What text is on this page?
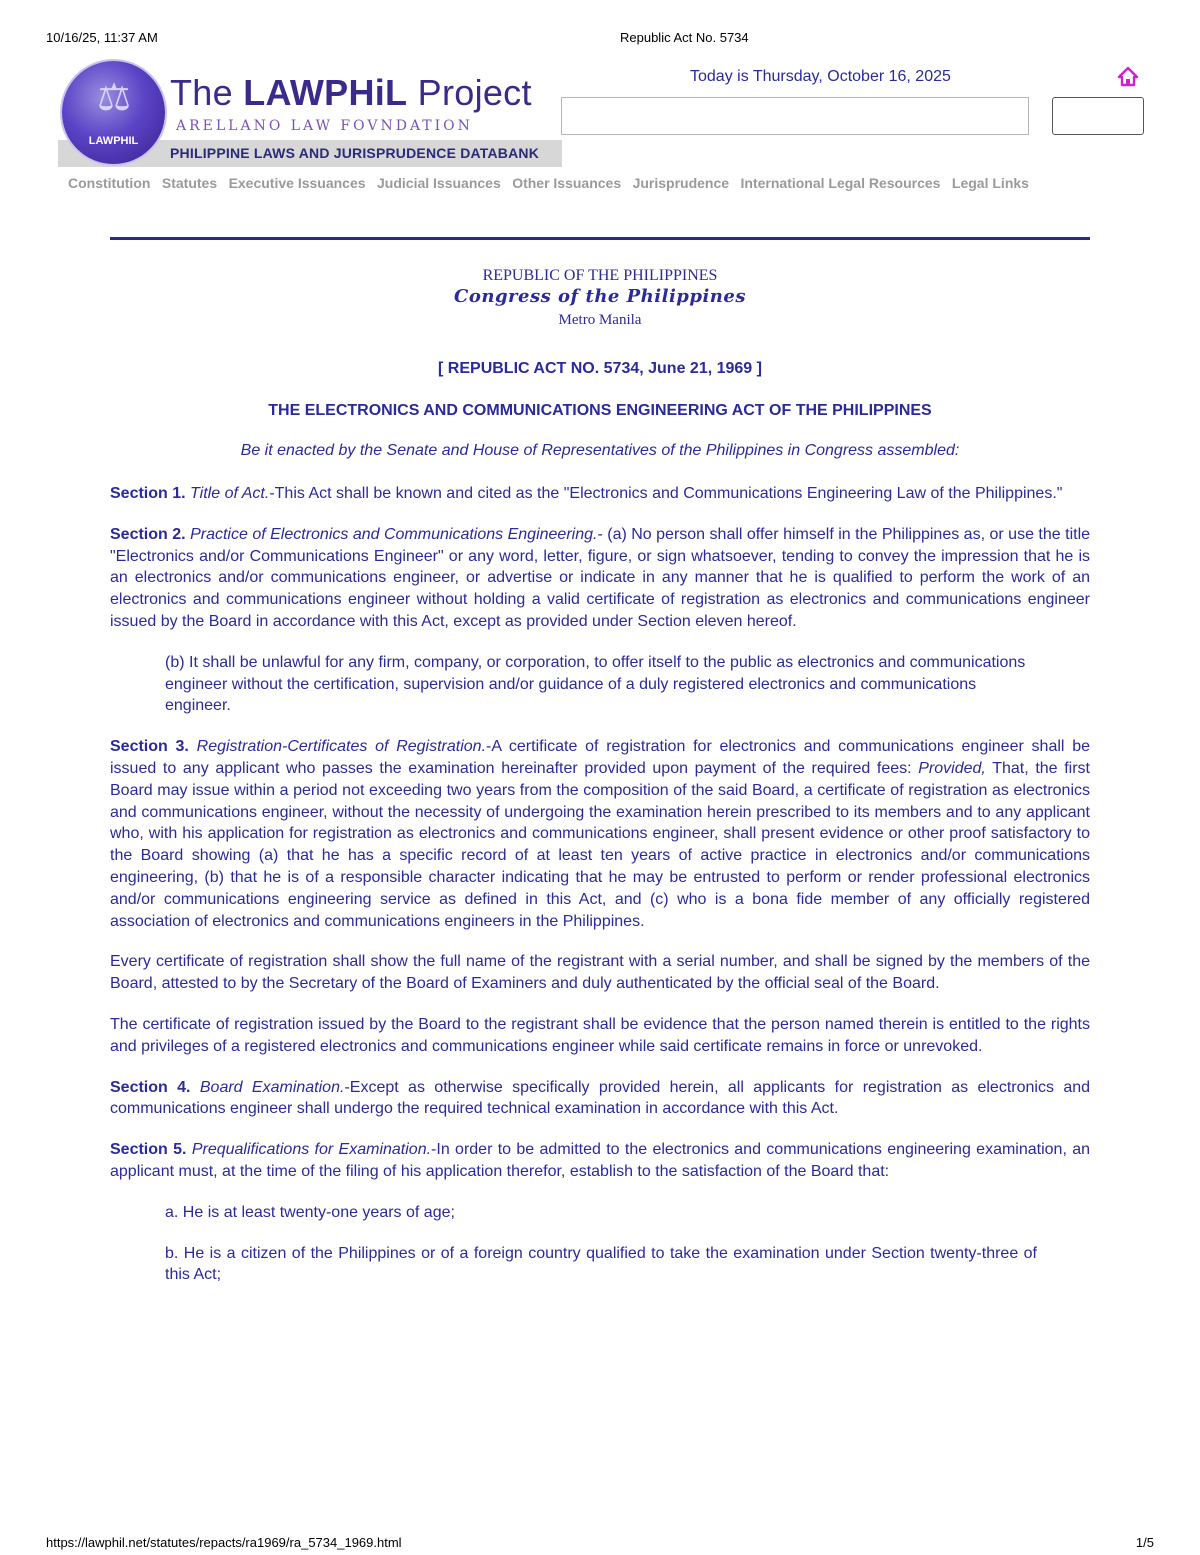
10/16/25, 11:37 AM	Republic Act No. 5734
PHILIPPINE LAWS AND JURISPRUDENCE DATABANK
⚖
LAWPHIL
The LAWPHiL Project
ARELLANO LAW FOVNDATION
Today is Thursday, October 16, 2025
Constitution Statutes Executive Issuances Judicial Issuances Other Issuances Jurisprudence International Legal Resources Legal Links
REPUBLIC OF THE PHILIPPINES
Congress of the Philippines
Metro Manila
[ REPUBLIC ACT NO. 5734, June 21, 1969 ]
THE ELECTRONICS AND COMMUNICATIONS ENGINEERING ACT OF THE PHILIPPINES
Be it enacted by the Senate and House of Representatives of the Philippines in Congress assembled:

Section 1. Title of Act.-This Act shall be known and cited as the "Electronics and Communications Engineering Law of the Philippines."

Section 2. Practice of Electronics and Communications Engineering.- (a) No person shall offer himself in the Philippines as, or use the title "Electronics and/or Communications Engineer" or any word, letter, figure, or sign whatsoever, tending to convey the impression that he is an electronics and/or communications engineer, or advertise or indicate in any manner that he is qualified to perform the work of an electronics and communications engineer without holding a valid certificate of registration as electronics and communications engineer issued by the Board in accordance with this Act, except as provided under Section eleven hereof.

(b) It shall be unlawful for any firm, company, or corporation, to offer itself to the public as electronics and communications engineer without the certification, supervision and/or guidance of a duly registered electronics and communications engineer.

Section 3. Registration-Certificates of Registration.-A certificate of registration for electronics and communications engineer shall be issued to any applicant who passes the examination hereinafter provided upon payment of the required fees: Provided, That, the first Board may issue within a period not exceeding two years from the composition of the said Board, a certificate of registration as electronics and communications engineer, without the necessity of undergoing the examination herein prescribed to its members and to any applicant who, with his application for registration as electronics and communications engineer, shall present evidence or other proof satisfactory to the Board showing (a) that he has a specific record of at least ten years of active practice in electronics and/or communications engineering, (b) that he is of a responsible character indicating that he may be entrusted to perform or render professional electronics and/or communications engineering service as defined in this Act, and (c) who is a bona fide member of any officially registered association of electronics and communications engineers in the Philippines.

Every certificate of registration shall show the full name of the registrant with a serial number, and shall be signed by the members of the Board, attested to by the Secretary of the Board of Examiners and duly authenticated by the official seal of the Board.

The certificate of registration issued by the Board to the registrant shall be evidence that the person named therein is entitled to the rights and privileges of a registered electronics and communications engineer while said certificate remains in force or unrevoked.

Section 4. Board Examination.-Except as otherwise specifically provided herein, all applicants for registration as electronics and communications engineer shall undergo the required technical examination in accordance with this Act.

Section 5. Prequalifications for Examination.-In order to be admitted to the electronics and communications engineering examination, an applicant must, at the time of the filing of his application therefor, establish to the satisfaction of the Board that:

a. He is at least twenty-one years of age;

b. He is a citizen of the Philippines or of a foreign country qualified to take the examination under Section twenty-three of this Act;

https://lawphil.net/statutes/repacts/ra1969/ra_5734_1969.html	1/5
